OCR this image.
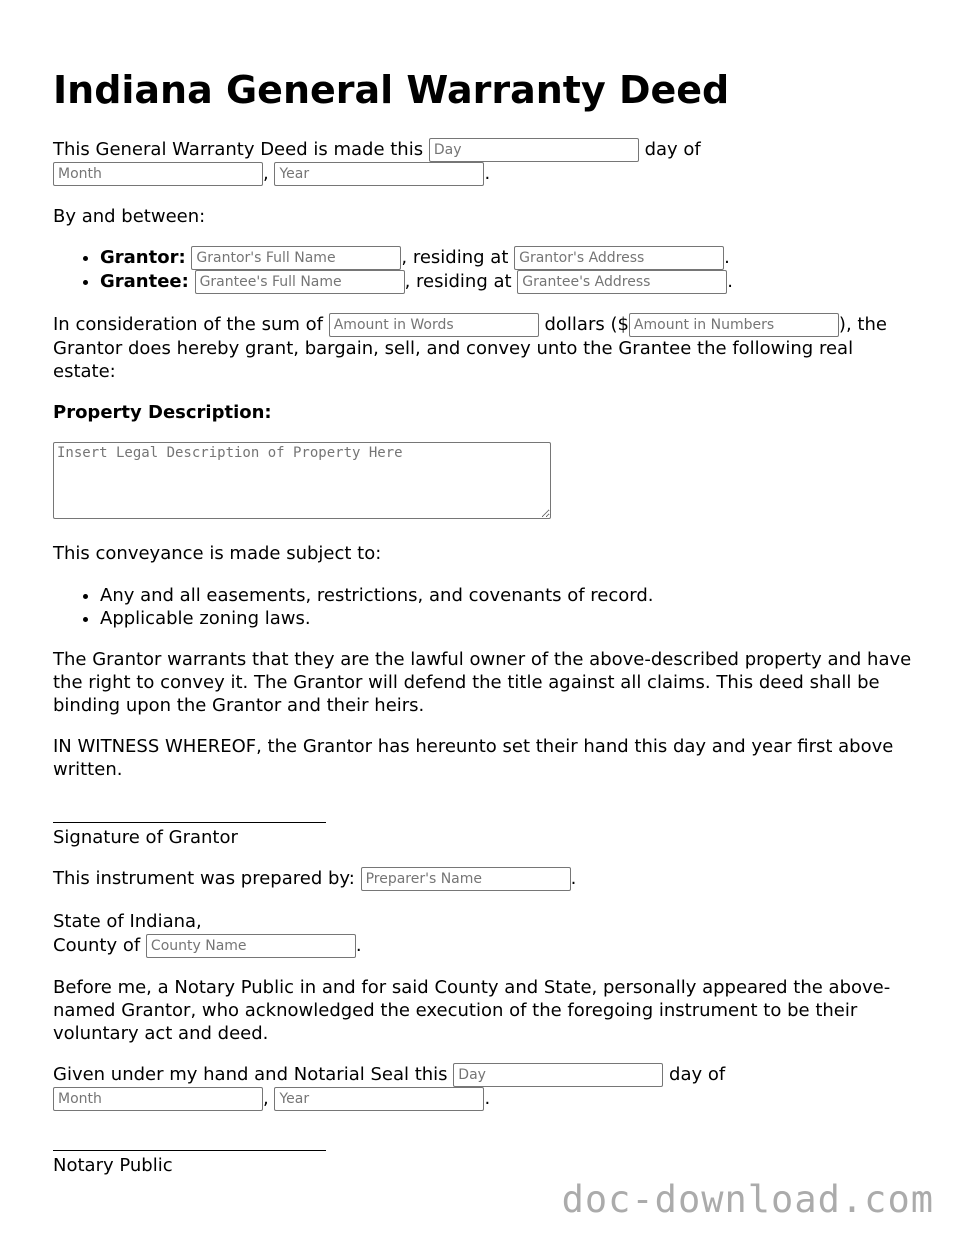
Indiana General Warranty Deed

This General Warranty Deed is made this Day	day of Month, Year	.

By and between:

• Grantor: Grantor's Full Name	, residing at Grantor's Address	.
• Grantee: Grantee's Full Name	, residing at Grantee's Address	.

In consideration of the sum of Amount in Words	dollars ($Amount in Numbers	), the Grantor does hereby grant, bargain, sell, and convey unto the Grantee the following real estate:

Property Description:

Insert Legal Description of Property Here

This conveyance is made subject to:

• Any and all easements, restrictions, and covenants of record.
• Applicable zoning laws.

The Grantor warrants that they are the lawful owner of the above-described property and have the right to convey it. The Grantor will defend the title against all claims. This deed shall be binding upon the Grantor and their heirs.

IN WITNESS WHEREOF, the Grantor has hereunto set their hand this day and year first above written.

Signature of Grantor

This instrument was prepared by: Preparer's Name	.

State of Indiana,
County of County Name	.

Before me, a Notary Public in and for said County and State, personally appeared the above-named Grantor, who acknowledged the execution of the foregoing instrument to be their voluntary act and deed.

Given under my hand and Notarial Seal this Day	day of Month, Year	.

Notary Public

doc-download.com
